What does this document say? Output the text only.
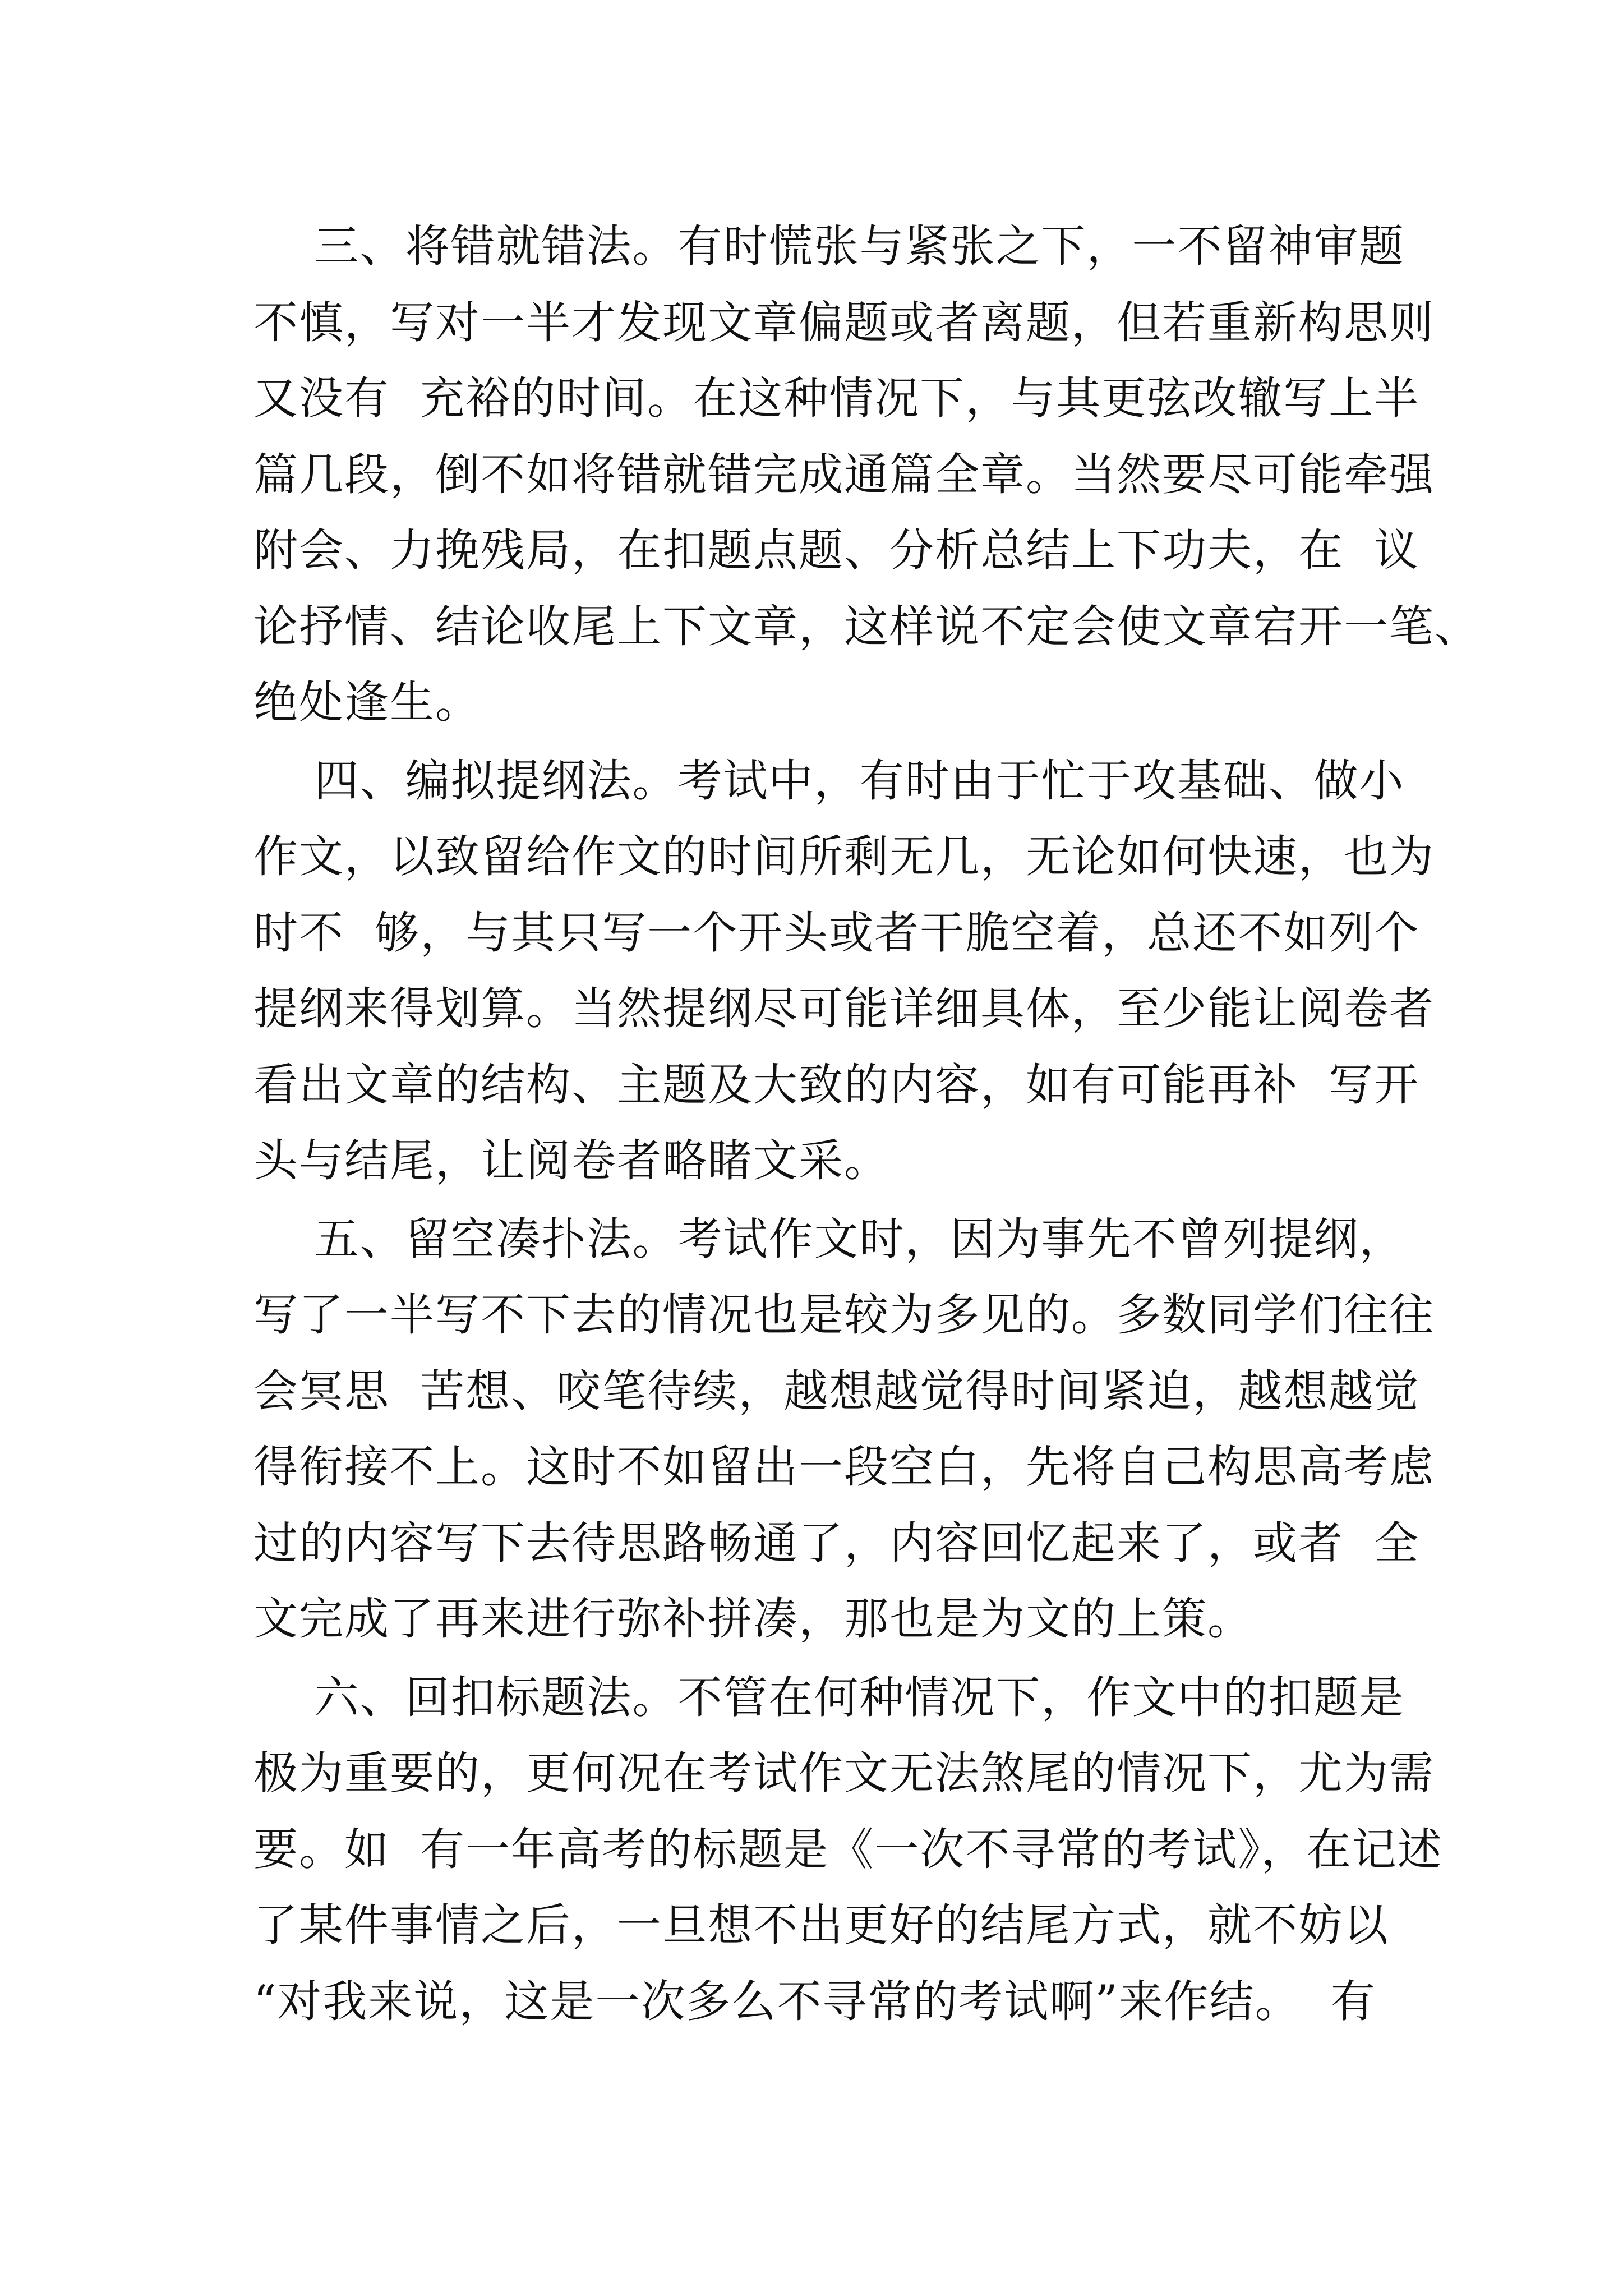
三、将错就错法。有时慌张与紧张之下，一不留神审题
不慎，写对一半才发现文章偏题或者离题，但若重新构思则
又没有  充裕的时间。在这种情况下，与其更弦改辙写上半
篇几段，倒不如将错就错完成通篇全章。当然要尽可能牵强
附会、力挽残局，在扣题点题、分析总结上下功夫，在  议
论抒情、结论收尾上下文章，这样说不定会使文章宕开一笔、
绝处逢生。
四、编拟提纲法。考试中，有时由于忙于攻基础、做小
作文，以致留给作文的时间所剩无几，无论如何快速，也为
时不  够，与其只写一个开头或者干脆空着，总还不如列个
提纲来得划算。当然提纲尽可能详细具体，至少能让阅卷者
看出文章的结构、主题及大致的内容，如有可能再补  写开
头与结尾，让阅卷者略睹文采。
五、留空凑扑法。考试作文时，因为事先不曾列提纲，
写了一半写不下去的情况也是较为多见的。多数同学们往往
会冥思  苦想、咬笔待续，越想越觉得时间紧迫，越想越觉
得衔接不上。这时不如留出一段空白，先将自己构思高考虑
过的内容写下去待思路畅通了，内容回忆起来了，或者  全
文完成了再来进行弥补拼凑，那也是为文的上策。
六、回扣标题法。不管在何种情况下，作文中的扣题是
极为重要的，更何况在考试作文无法煞尾的情况下，尤为需
要。如  有一年高考的标题是《一次不寻常的考试》，在记述
了某件事情之后，一旦想不出更好的结尾方式，就不妨以
“对我来说，这是一次多么不寻常的考试啊”来作结。  有
